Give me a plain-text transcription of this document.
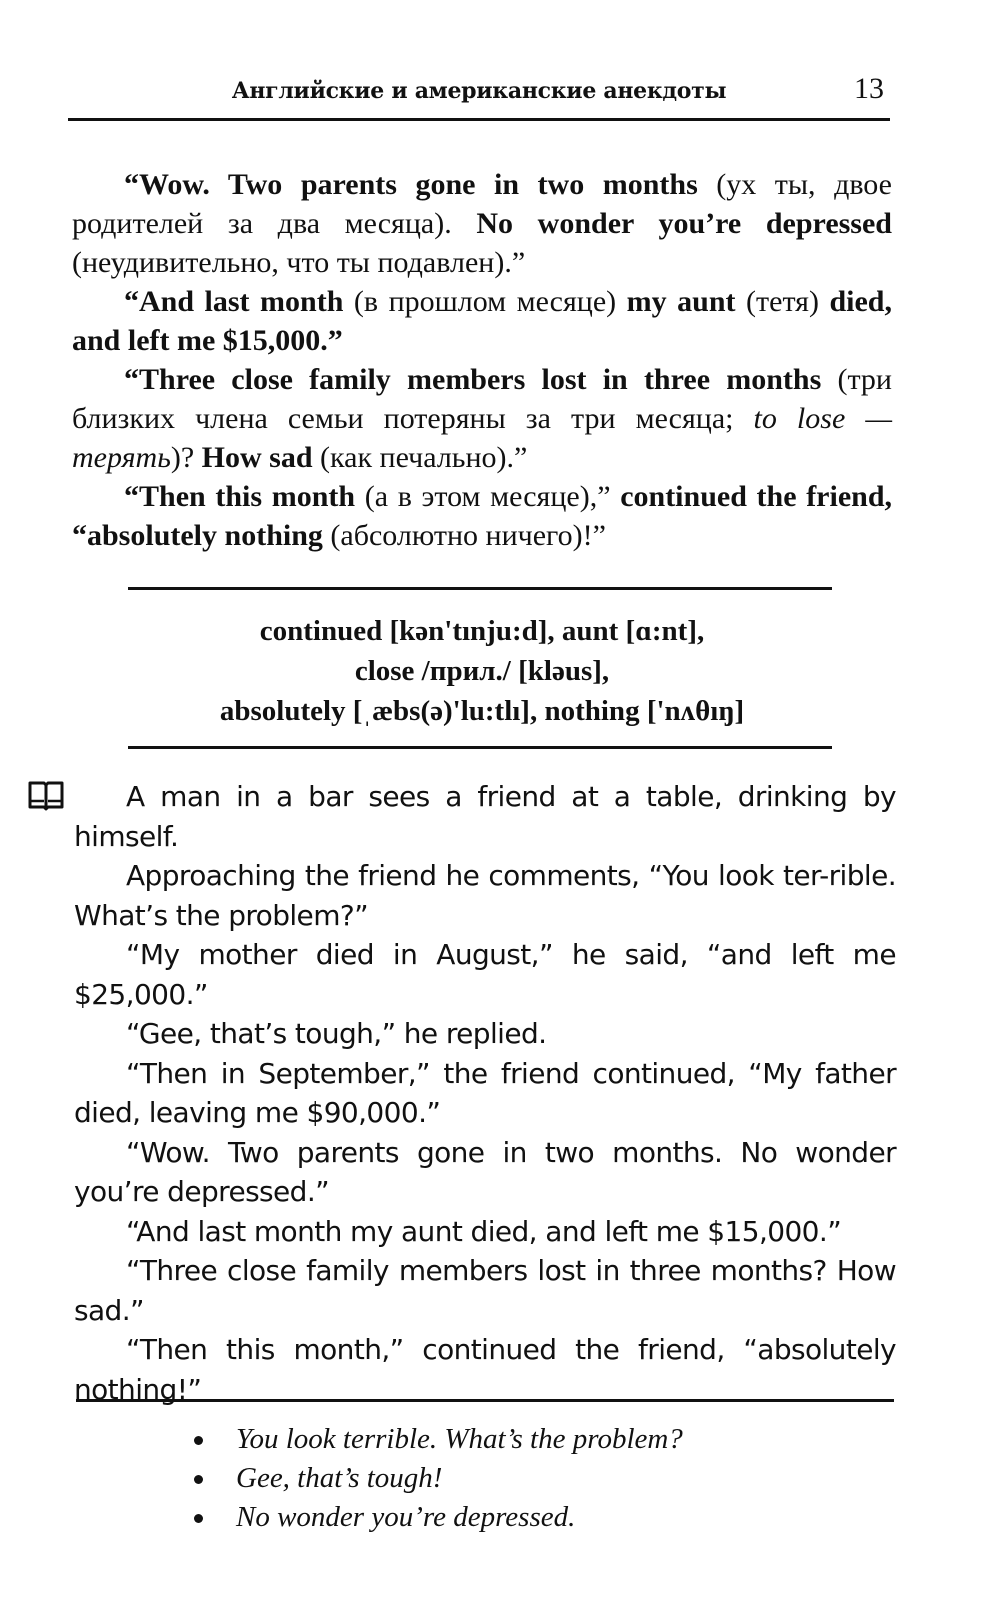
Английские и американские анекдоты	13

“Wow. Two parents gone in two months (ух ты, двое родителей за два месяца). No wonder you’re depressed (неудивительно, что ты подавлен).”

“And last month (в прошлом месяце) my aunt (тетя) died, and left me $15,000.”

“Three close family members lost in three months (три близких члена семьи потеряны за три месяца; to lose — терять)? How sad (как печально).”

“Then this month (а в этом месяце),” continued the friend, “absolutely nothing (абсолютно ничего)!”

continued [kən'tınju:d], aunt [ɑ:nt],
close /прил./ [kləus],
absolutely [ˌæbs(ə)'lu:tlı], nothing ['nʌθıŋ]

A man in a bar sees a friend at a table, drinking by himself.

Approaching the friend he comments, “You look ter-rible. What’s the problem?”

“My mother died in August,” he said, “and left me $25,000.”

“Gee, that’s tough,” he replied.

“Then in September,” the friend continued, “My father died, leaving me $90,000.”

“Wow. Two parents gone in two months. No wonder you’re depressed.”

“And last month my aunt died, and left me $15,000.”

“Three close family members lost in three months? How sad.”

“Then this month,” continued the friend, “absolutely nothing!”

You look terrible. What’s the problem?
Gee, that’s tough!
No wonder you’re depressed.
